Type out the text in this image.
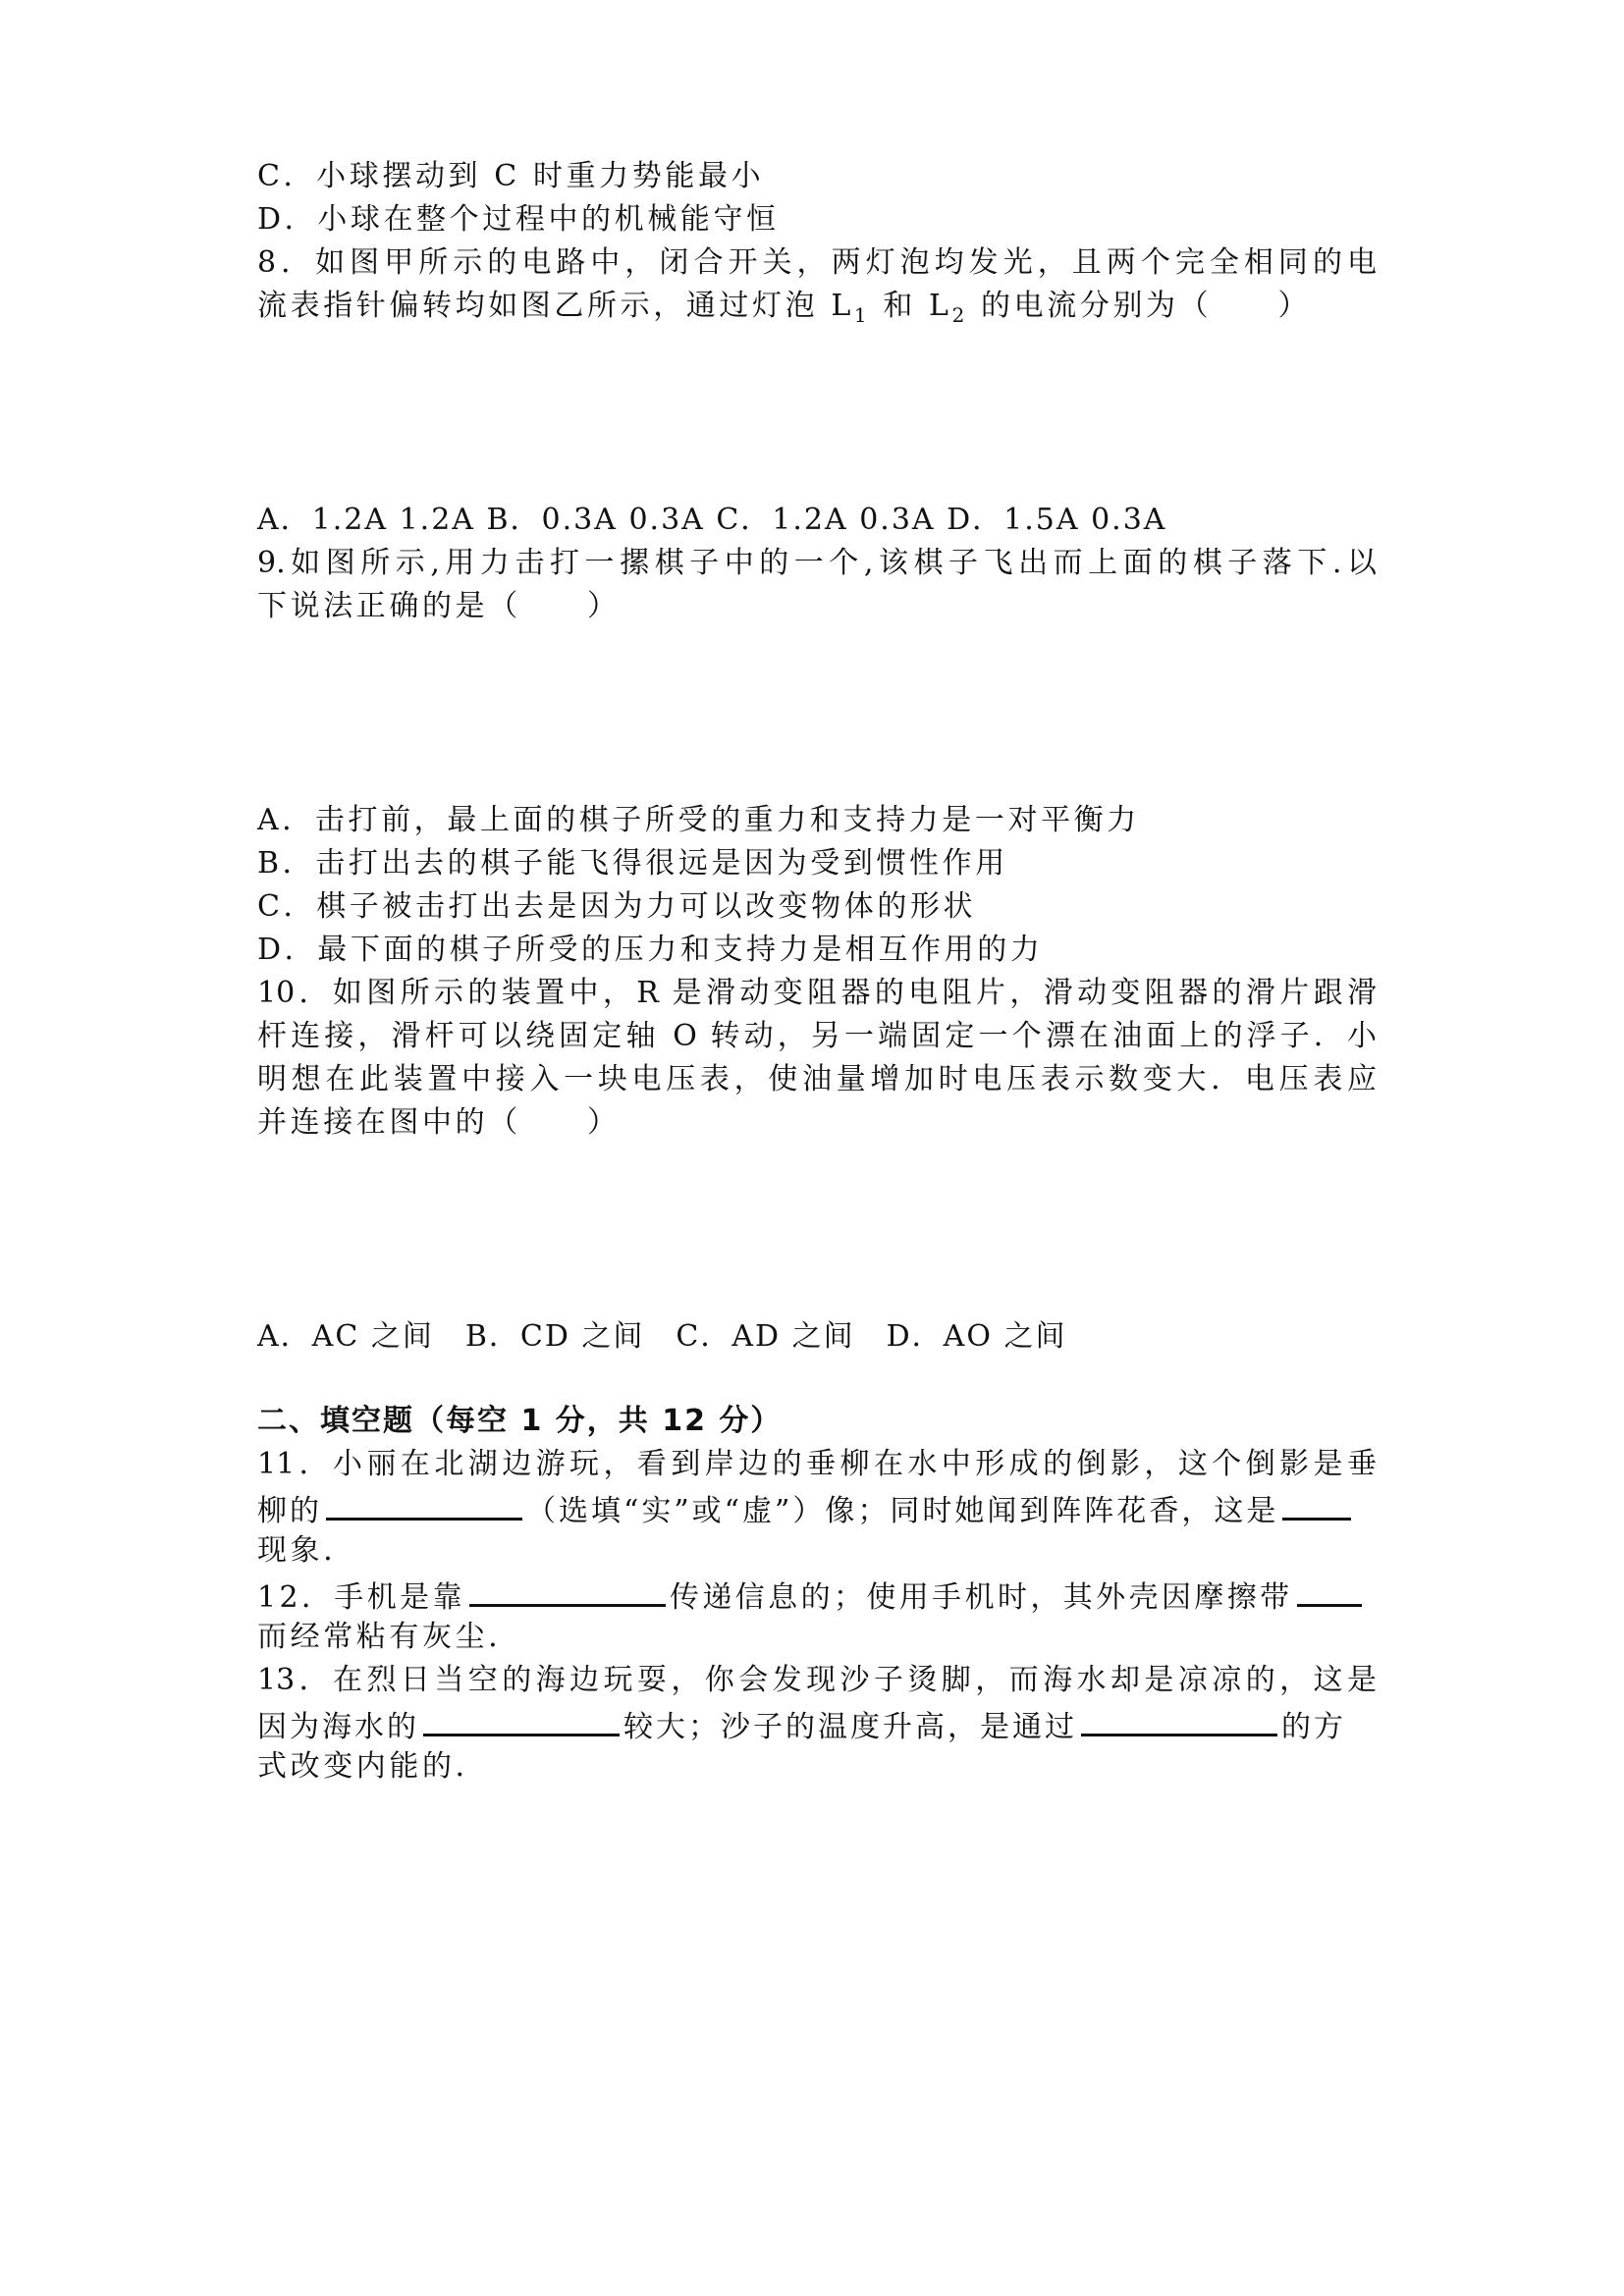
C．小球摆动到 C 时重力势能最小
D．小球在整个过程中的机械能守恒
8．如图甲所示的电路中，闭合开关，两灯泡均发光，且两个完全相同的电
流表指针偏转均如图乙所示，通过灯泡 $L_1$ 和 $L_2$ 的电流分别为（　　）
A．1.2A 1.2A B．0.3A 0.3A C．1.2A 0.3A D．1.5A 0.3A
9.如图所示,用力击打一摞棋子中的一个,该棋子飞出而上面的棋子落下.以
下说法正确的是（　　）
A．击打前，最上面的棋子所受的重力和支持力是一对平衡力
B．击打出去的棋子能飞得很远是因为受到惯性作用
C．棋子被击打出去是因为力可以改变物体的形状
D．最下面的棋子所受的压力和支持力是相互作用的力
10．如图所示的装置中，R 是滑动变阻器的电阻片，滑动变阻器的滑片跟滑
杆连接，滑杆可以绕固定轴 O 转动，另一端固定一个漂在油面上的浮子．小
明想在此装置中接入一块电压表，使油量增加时电压表示数变大．电压表应
并连接在图中的（　　）
A．AC 之间　B．CD 之间　C．AD 之间　D．AO 之间
二、填空题（每空 1 分，共 12 分）
11．小丽在北湖边游玩，看到岸边的垂柳在水中形成的倒影，这个倒影是垂
柳的	（选填“实”或“虚”）像；同时她闻到阵阵花香，这是
现象．
12．手机是靠	传递信息的；使用手机时，其外壳因摩擦带
而经常粘有灰尘．
13．在烈日当空的海边玩耍，你会发现沙子烫脚，而海水却是凉凉的，这是
因为海水的	较大；沙子的温度升高，是通过	的方
式改变内能的．
